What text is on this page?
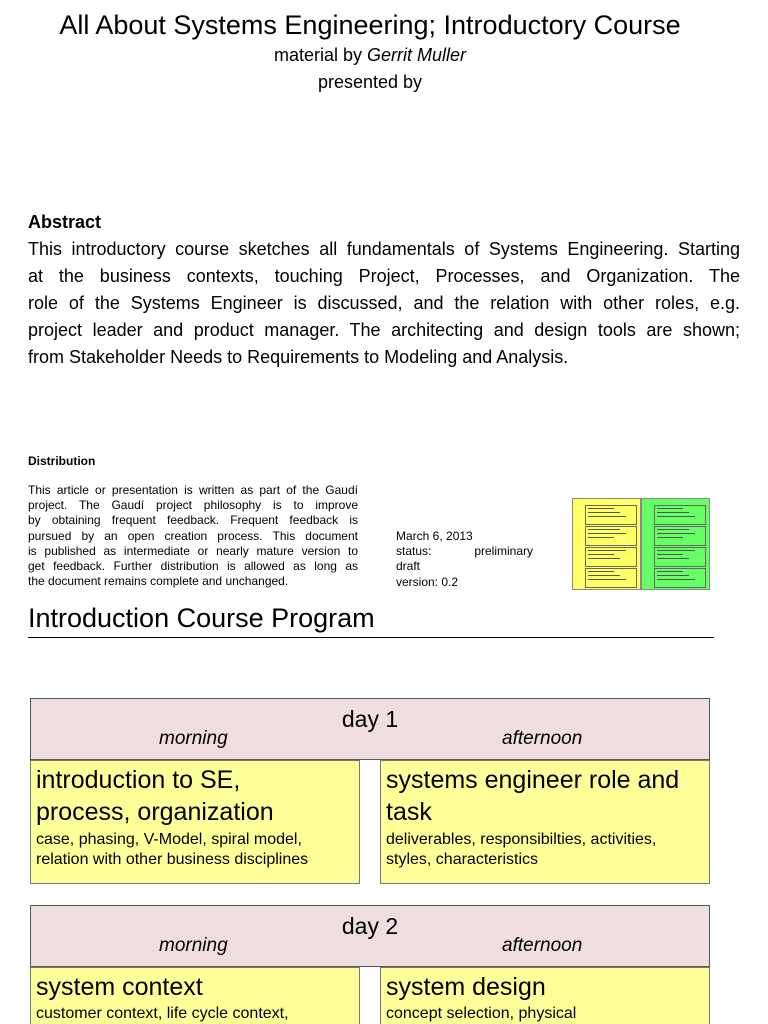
All About Systems Engineering; Introductory Course
material by Gerrit Muller
presented by
Abstract
This introductory course sketches all fundamentals of Systems Engineering. Starting
at the business contexts, touching Project, Processes, and Organization. The
role of the Systems Engineer is discussed, and the relation with other roles, e.g.
project leader and product manager. The architecting and design tools are shown;
from Stakeholder Needs to Requirements to Modeling and Analysis.
Distribution
This article or presentation is written as part of the Gaudí
project. The Gaudí project philosophy is to improve
by obtaining frequent feedback. Frequent feedback is
pursued by an open creation process. This document
is published as intermediate or nearly mature version to
get feedback. Further distribution is allowed as long as
the document remains complete and unchanged.
March 6, 2013
status:	preliminary
draft
version: 0.2
Introduction Course Program
day 1
morning	afternoon
introduction to SE,
process, organization
case, phasing, V-Model, spiral model,
relation with other business disciplines
systems engineer role and
task
deliverables, responsibilties, activities,
styles, characteristics
day 2
morning	afternoon
system context
customer context, life cycle context,
system design
concept selection, physical
